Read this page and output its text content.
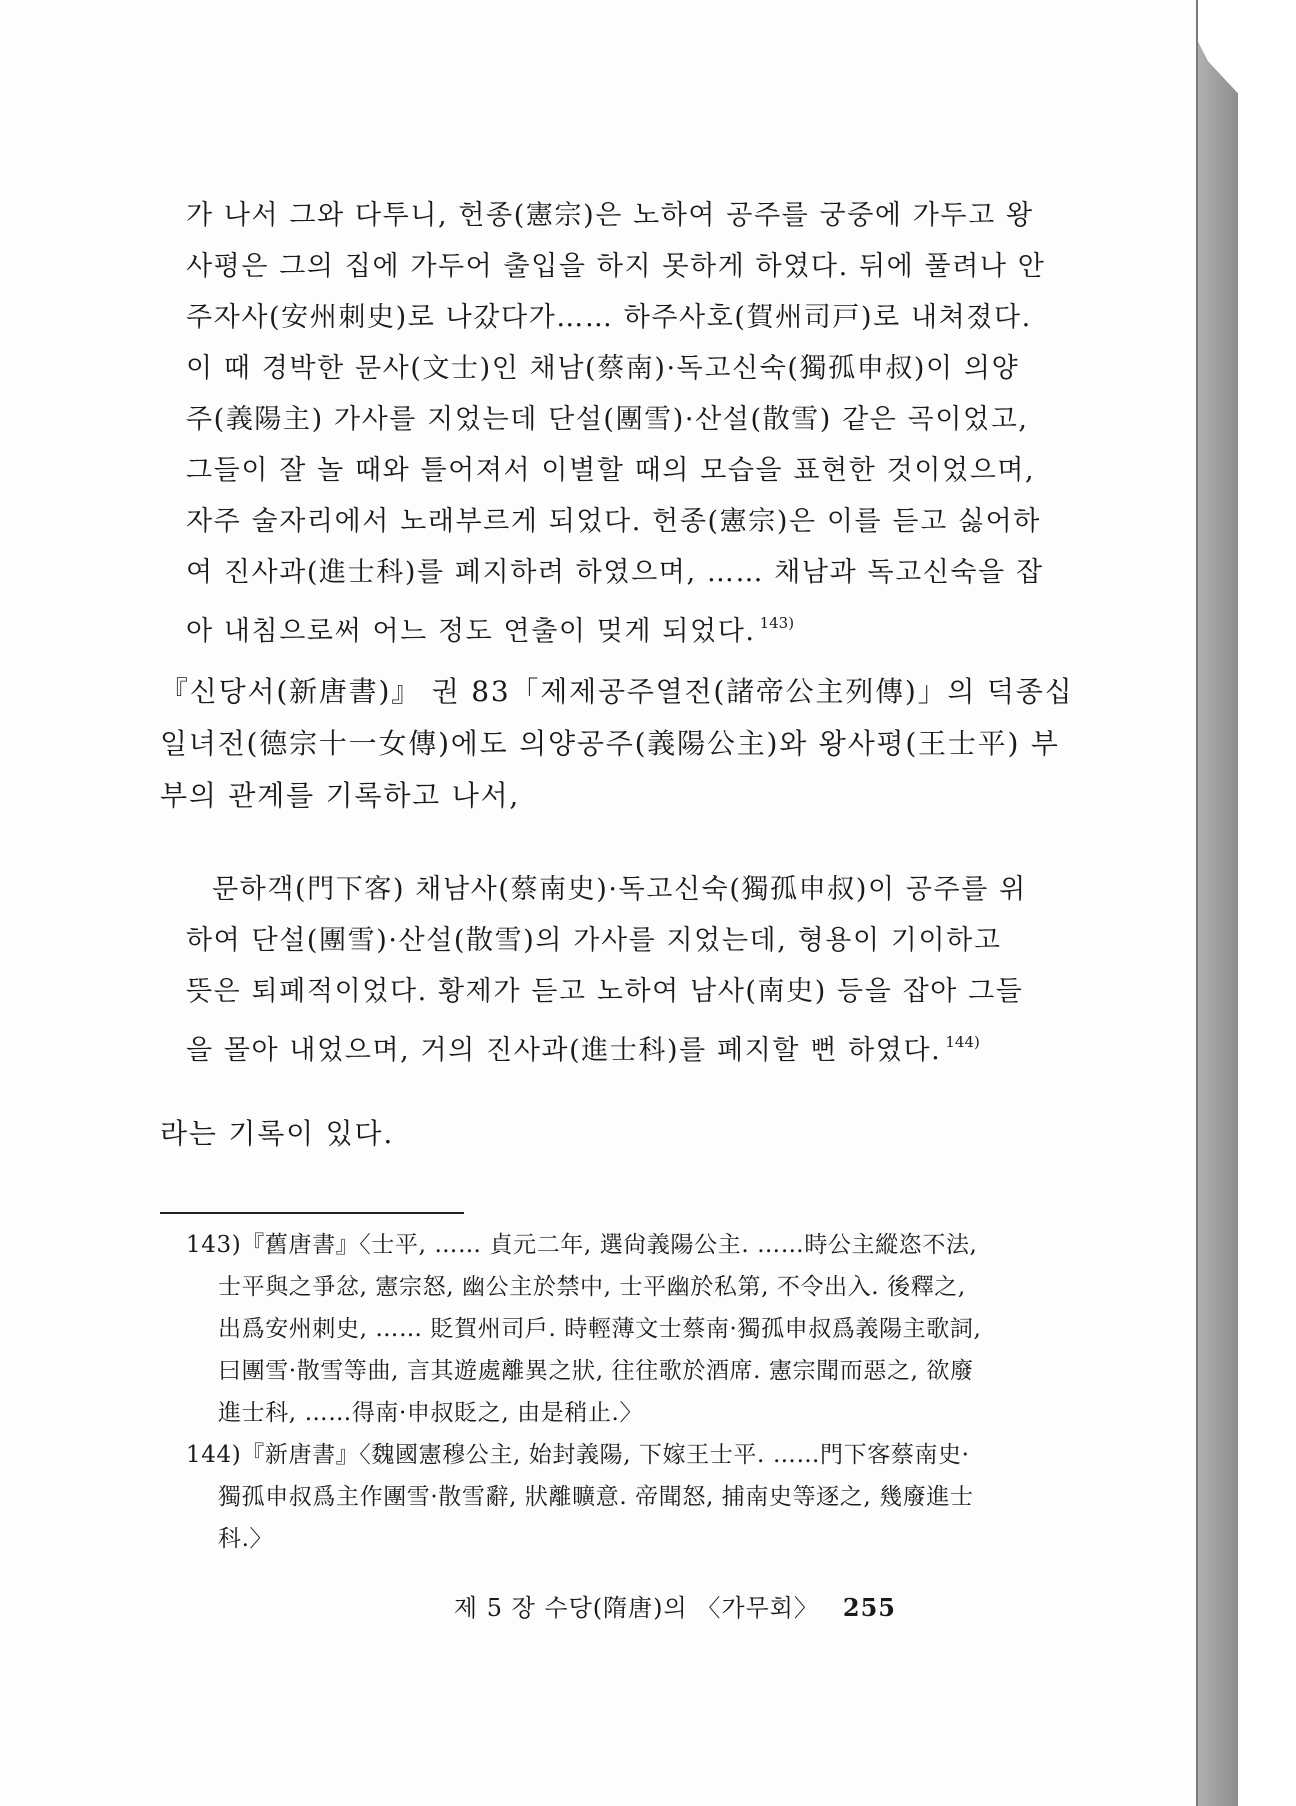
가 나서 그와 다투니, 헌종(憲宗)은 노하여 공주를 궁중에 가두고 왕
사평은 그의 집에 가두어 출입을 하지 못하게 하였다. 뒤에 풀려나 안
주자사(安州刺史)로 나갔다가…… 하주사호(賀州司戸)로 내쳐졌다.
이 때 경박한 문사(文士)인 채남(蔡南)·독고신숙(獨孤申叔)이 의양
주(義陽主) 가사를 지었는데 단설(團雪)·산설(散雪) 같은 곡이었고,
그들이 잘 놀 때와 틀어져서 이별할 때의 모습을 표현한 것이었으며,
자주 술자리에서 노래부르게 되었다. 헌종(憲宗)은 이를 듣고 싫어하
여 진사과(進士科)를 폐지하려 하였으며, …… 채남과 독고신숙을 잡
아 내침으로써 어느 정도 연출이 멎게 되었다. $^{143)}$
『신당서(新唐書)』 권 83「제제공주열전(諸帝公主列傳)」의 덕종십
일녀전(德宗十一女傳)에도 의양공주(義陽公主)와 왕사평(王士平) 부
부의 관계를 기록하고 나서,
문하객(門下客) 채남사(蔡南史)·독고신숙(獨孤申叔)이 공주를 위
하여 단설(團雪)·산설(散雪)의 가사를 지었는데, 형용이 기이하고
뜻은 퇴폐적이었다. 황제가 듣고 노하여 남사(南史) 등을 잡아 그들
을 몰아 내었으며, 거의 진사과(進士科)를 폐지할 뻔 하였다. $^{144)}$
라는 기록이 있다.
143)『舊唐書』〈士平, …… 貞元二年, 選尙義陽公主. ……時公主縱恣不法,
士平與之爭忿, 憲宗怒, 幽公主於禁中, 士平幽於私第, 不令出入. 後釋之,
出爲安州刺史, …… 貶賀州司戶. 時輕薄文士蔡南·獨孤申叔爲義陽主歌詞,
曰團雪·散雪等曲, 言其遊處離異之狀, 往往歌於酒席. 憲宗聞而惡之, 欲廢
進士科, ……得南·申叔貶之, 由是稍止.〉
144)『新唐書』〈魏國憲穆公主, 始封義陽, 下嫁王士平. ……門下客蔡南史·
獨孤申叔爲主作團雪·散雪辭, 狀離曠意. 帝聞怒, 捕南史等逐之, 幾廢進士
科.〉
제 5 장 수당(隋唐)의 〈가무회〉 255
